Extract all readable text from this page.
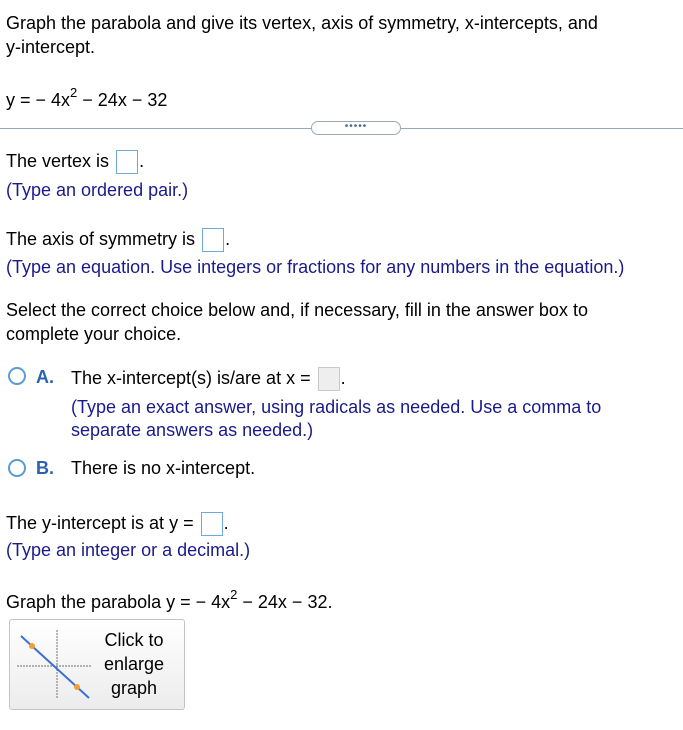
Graph the parabola and give its vertex, axis of symmetry, x-intercepts, and
y-intercept.
y = − $4x^2 - 24x - 32$
•••••
The vertex is .
(Type an ordered pair.)
The axis of symmetry is .
(Type an equation. Use integers or fractions for any numbers in the equation.)
Select the correct choice below and, if necessary, fill in the answer box to
complete your choice.
A. The x-intercept(s) is/are at x = .
(Type an exact answer, using radicals as needed. Use a comma to
separate answers as needed.)
B. There is no x-intercept.
The y-intercept is at y = .
(Type an integer or a decimal.)
Graph the parabola y = − $4x^2 - 24x - 32$.
Click to
enlarge
graph
